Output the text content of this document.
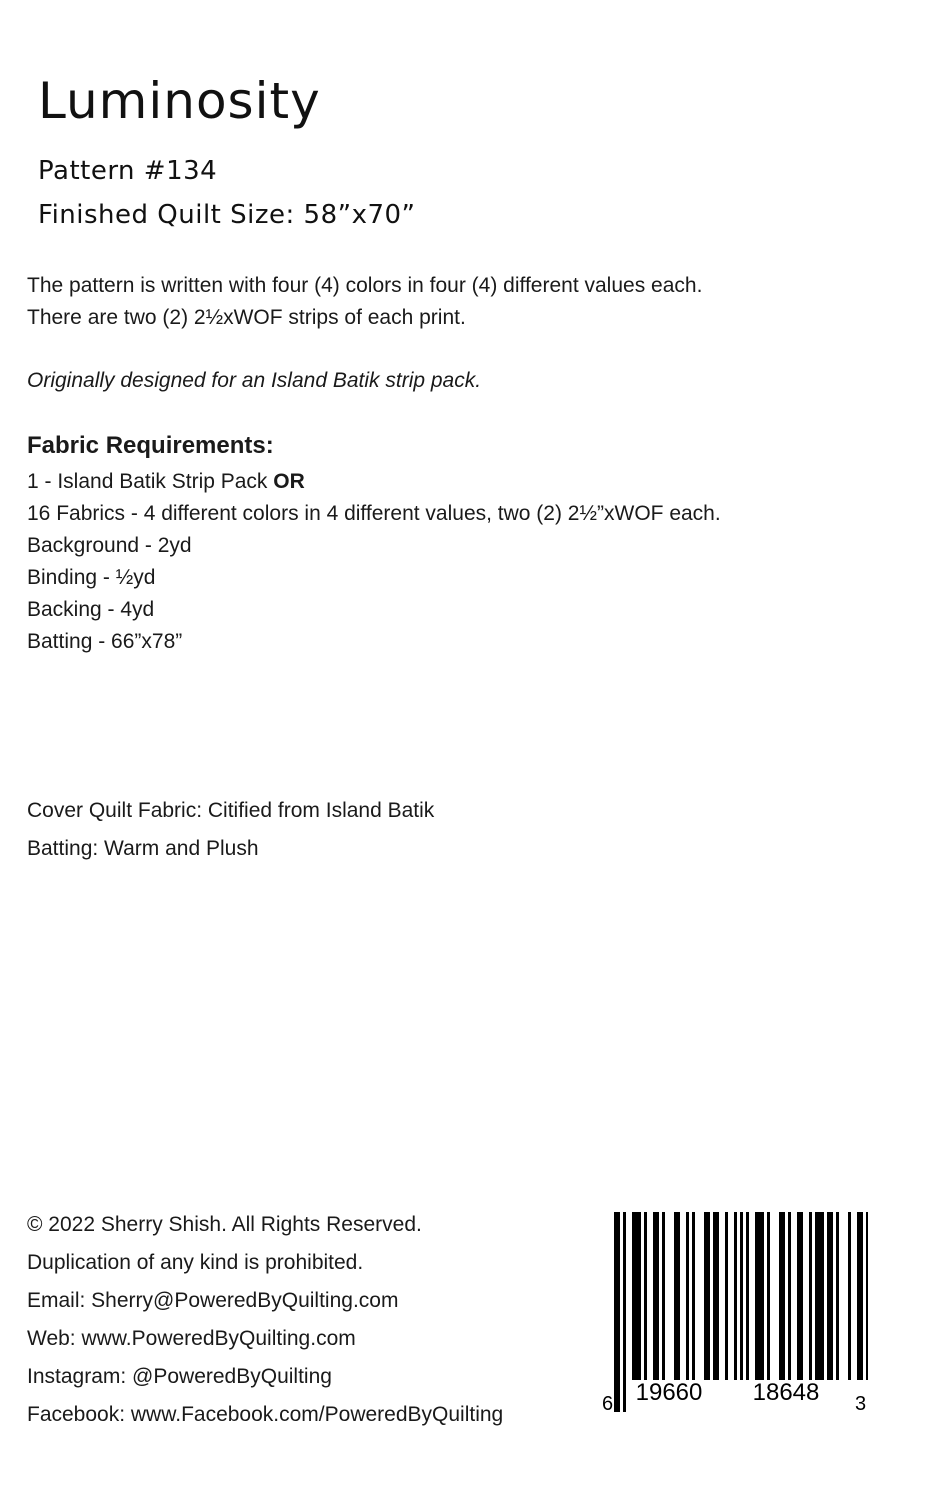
Luminosity
Pattern #134
Finished Quilt Size: 58”x70”
The pattern is written with four (4) colors in four (4) different values each.
There are two (2) 2½xWOF strips of each print.
Originally designed for an Island Batik strip pack.
Fabric Requirements:
1 - Island Batik Strip Pack OR
16 Fabrics - 4 different colors in 4 different values, two (2) 2½”xWOF each.
Background - 2yd
Binding - ½yd
Backing - 4yd
Batting - 66”x78”
Cover Quilt Fabric: Citified from Island Batik
Batting: Warm and Plush
© 2022 Sherry Shish. All Rights Reserved.
Duplication of any kind is prohibited.
Email: Sherry@PoweredByQuilting.com
Web: www.PoweredByQuilting.com
Instagram: @PoweredByQuilting
Facebook: www.Facebook.com/PoweredByQuilting	6 19660 18648 3
